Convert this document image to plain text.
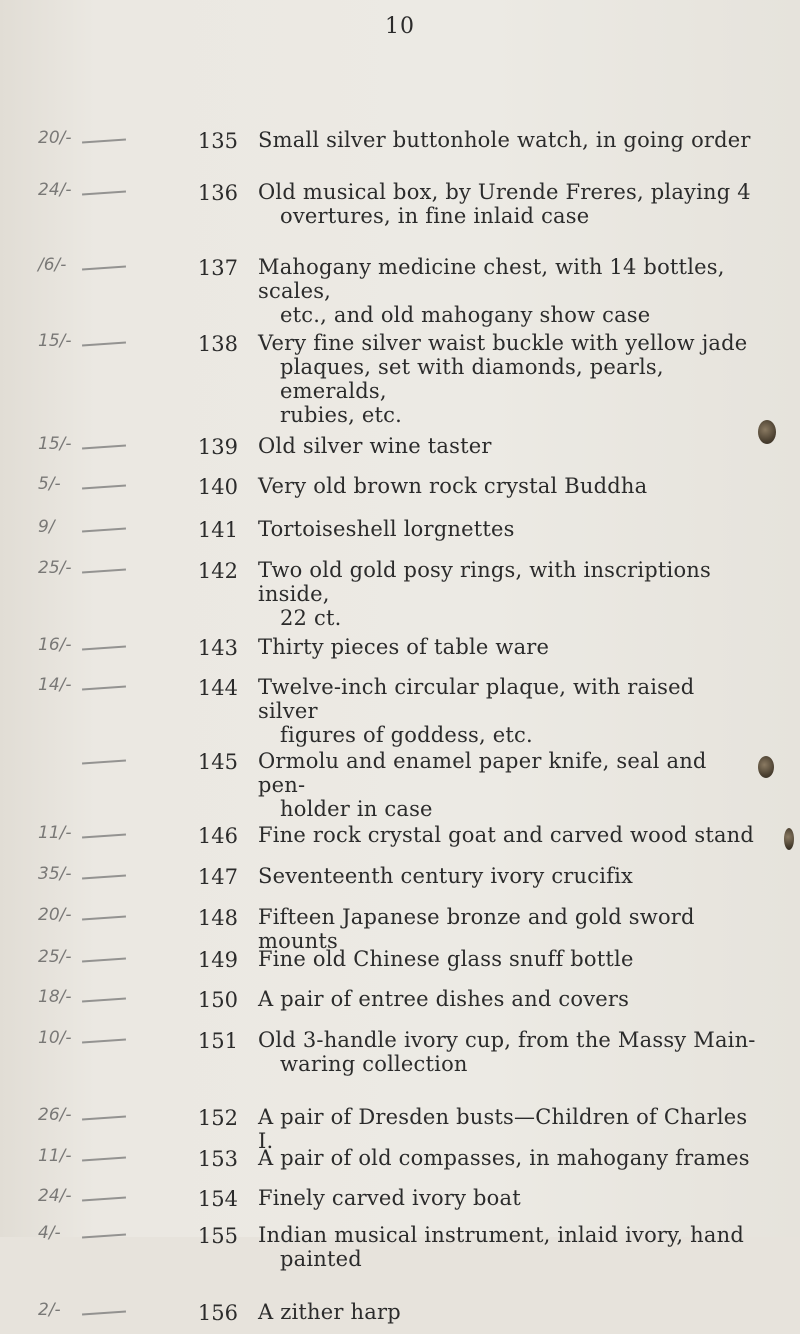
10
20/-	135 Small silver buttonhole watch, in going order
24/-	136 Old musical box, by Urende Freres, playing 4
overtures, in fine inlaid case
/6/-	137 Mahogany medicine chest, with 14 bottles, scales,
etc., and old mahogany show case
15/-	138 Very fine silver waist buckle with yellow jade
plaques, set with diamonds, pearls, emeralds,
rubies, etc.
15/-	139 Old silver wine taster
5/-	140 Very old brown rock crystal Buddha
9/	141 Tortoiseshell lorgnettes
25/-	142 Two old gold posy rings, with inscriptions inside,
22 ct.
16/-	143 Thirty pieces of table ware
14/-	144 Twelve-inch circular plaque, with raised silver
figures of goddess, etc.
145 Ormolu and enamel paper knife, seal and pen-
holder in case
11/-	146 Fine rock crystal goat and carved wood stand
35/-	147 Seventeenth century ivory crucifix
20/-	148 Fifteen Japanese bronze and gold sword mounts
25/-	149 Fine old Chinese glass snuff bottle
18/-	150 A pair of entree dishes and covers
10/-	151 Old 3-handle ivory cup, from the Massy Main-
waring collection
26/-	152 A pair of Dresden busts—Children of Charles I.
11/-	153 A pair of old compasses, in mahogany frames
24/-	154 Finely carved ivory boat
4/-	155 Indian musical instrument, inlaid ivory, hand
painted
2/-	156 A zither harp
